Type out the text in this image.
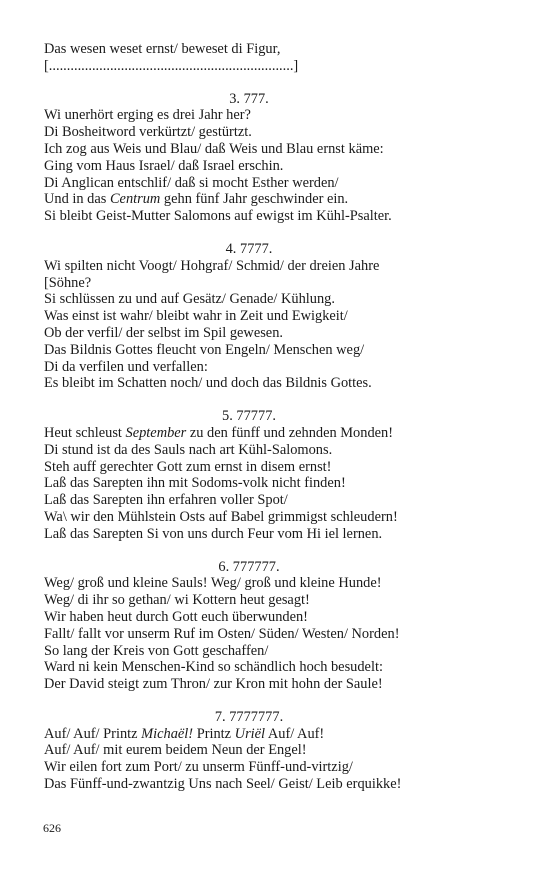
Das wesen weset ernst/ beweset di Figur,
[....................................................................]
3. 777.
Wi unerhört erging es drei Jahr her?
Di Bosheitword verkürtzt/ gestürtzt.
Ich zog aus Weis und Blau/ daß Weis und Blau ernst käme:
Ging vom Haus Israel/ daß Israel erschin.
Di Anglican entschlif/ daß si mocht Esther werden/
Und in das Centrum gehn fünf Jahr geschwinder ein.
Si bleibt Geist-Mutter Salomons auf ewigst im Kühl-Psalter.
4. 7777.
Wi spilten nicht Voogt/ Hohgraf/ Schmid/ der dreien Jahre
[Söhne?
Si schlüssen zu und auf Gesätz/ Genade/ Kühlung.
Was einst ist wahr/ bleibt wahr in Zeit und Ewigkeit/
Ob der verfil/ der selbst im Spil gewesen.
Das Bildnis Gottes fleucht von Engeln/ Menschen weg/
Di da verfilen und verfallen:
Es bleibt im Schatten noch/ und doch das Bildnis Gottes.
5. 77777.
Heut schleust September zu den fünff und zehnden Monden!
Di stund ist da des Sauls nach art Kühl-Salomons.
Steh auff gerechter Gott zum ernst in disem ernst!
Laß das Sarepten ihn mit Sodoms-volk nicht finden!
Laß das Sarepten ihn erfahren voller Spot/
Wa\ wir den Mühlstein Osts auf Babel grimmigst schleudern!
Laß das Sarepten Si von uns durch Feur vom Hi iel lernen.
6. 777777.
Weg/ groß und kleine Sauls! Weg/ groß und kleine Hunde!
Weg/ di ihr so gethan/ wi Kottern heut gesagt!
Wir haben heut durch Gott euch überwunden!
Fallt/ fallt vor unserm Ruf im Osten/ Süden/ Westen/ Norden!
So lang der Kreis von Gott geschaffen/
Ward ni kein Menschen-Kind so schändlich hoch besudelt:
Der David steigt zum Thron/ zur Kron mit hohn der Saule!
7. 7777777.
Auf/ Auf/ Printz Michaël! Printz Uriël Auf/ Auf!
Auf/ Auf/ mit eurem beidem Neun der Engel!
Wir eilen fort zum Port/ zu unserm Fünff-und-virtzig/
Das Fünff-und-zwantzig Uns nach Seel/ Geist/ Leib erquikke!
626
